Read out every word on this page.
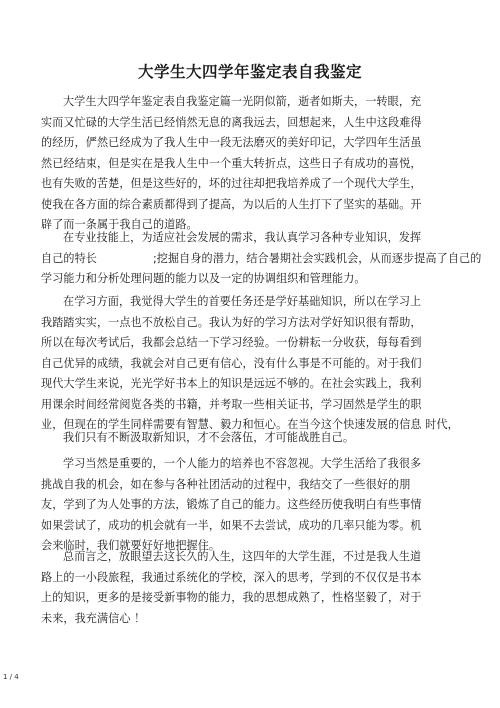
大学生大四学年鉴定表自我鉴定
大学生大四学年鉴定表自我鉴定篇一光阴似箭，逝者如斯夫，一转眼，充
实而又忙碌的大学生活已经悄然无息的离我远去，回想起来，人生中这段难得
的经历，俨然已经成为了我人生中一段无法磨灭的美好印记，大学四年生活虽
然已经结束，但是实在是我人生中一个重大转折点，这些日子有成功的喜悦，
也有失败的苦楚，但是这些好的，坏的过往却把我培养成了一个现代大学生，
使我在各方面的综合素质都得到了提高，为以后的人生打下了坚实的基础。开
辟了而一条属于我自己的道路。
在专业技能上，为适应社会发展的需求，我认真学习各种专业知识，发挥
自己的特长　　　　　;挖掘自身的潜力，结合暑期社会实践机会，从而逐步提高了自己的
学习能力和分析处理问题的能力以及一定的协调组织和管理能力。
在学习方面，我觉得大学生的首要任务还是学好基础知识，所以在学习上
我踏踏实实，一点也不放松自己。我认为好的学习方法对学好知识很有帮助，
所以在每次考试后，我都会总结一下学习经验。一份耕耘一分收获，每每看到
自己优异的成绩，我就会对自己更有信心，没有什么事是不可能的。对于我们
现代大学生来说，光光学好书本上的知识是远远不够的。在社会实践上，我利
用课余时间经常阅览各类的书籍，并考取一些相关证书，学习固然是学生的职
业，但现在的学生同样需要有智慧、毅力和恒心。在当今这个快速发展的信息 时代，
我们只有不断汲取新知识，才不会落伍，才可能战胜自己。
学习当然是重要的，一个人能力的培养也不容忽视。大学生活给了我很多
挑战自我的机会，如在参与各种社团活动的过程中，我结交了一些很好的朋
友，学到了为人处事的方法，锻炼了自己的能力。这些经历使我明白有些事情
如果尝试了，成功的机会就有一半，如果不去尝试，成功的几率只能为零。机
会来临时，我们就要好好地把握住。
总而言之，放眼望去这长久的人生，这四年的大学生涯，不过是我人生道
路上的一小段旅程，我通过系统化的学校，深入的思考，学到的不仅仅是书本
上的知识，更多的是接受新事物的能力，我的思想成熟了，性格坚毅了，对于
未来，我充满信心 ！
1 / 4
